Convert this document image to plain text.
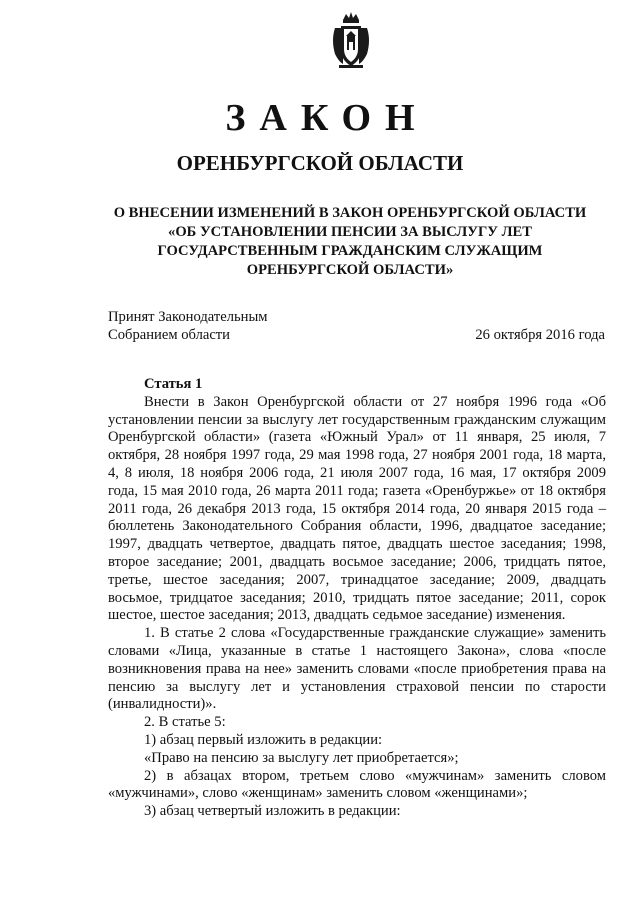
ЗАКОН
ОРЕНБУРГСКОЙ ОБЛАСТИ
О ВНЕСЕНИИ ИЗМЕНЕНИЙ В ЗАКОН ОРЕНБУРГСКОЙ ОБЛАСТИ
«ОБ УСТАНОВЛЕНИИ ПЕНСИИ ЗА ВЫСЛУГУ ЛЕТ
ГОСУДАРСТВЕННЫМ ГРАЖДАНСКИМ СЛУЖАЩИМ
ОРЕНБУРГСКОЙ ОБЛАСТИ»
Принят Законодательным
Собранием области	26 октября 2016 года
Статья 1

Внести в Закон Оренбургской области от 27 ноября 1996 года «Об установлении пенсии за выслугу лет государственным гражданским служащим Оренбургской области» (газета «Южный Урал» от 11 января, 25 июля, 7 октября, 28 ноября 1997 года, 29 мая 1998 года, 27 ноября 2001 года, 18 марта, 4, 8 июля, 18 ноября 2006 года, 21 июля 2007 года, 16 мая, 17 октября 2009 года, 15 мая 2010 года, 26 марта 2011 года; газета «Оренбуржье» от 18 октября 2011 года, 26 декабря 2013 года, 15 октября 2014 года, 20 января 2015 года – бюллетень Законодательного Собрания области, 1996, двадцатое заседание; 1997, двадцать четвертое, двадцать пятое, двадцать шестое заседания; 1998, второе заседание; 2001, двадцать восьмое заседание; 2006, тридцать пятое, третье, шестое заседания; 2007, тринадцатое заседание; 2009, двадцать восьмое, тридцатое заседания; 2010, тридцать пятое заседание; 2011, сорок шестое, шестое заседания; 2013, двадцать седьмое заседание) изменения.

1. В статье 2 слова «Государственные гражданские служащие» заменить словами «Лица, указанные в статье 1 настоящего Закона», слова «после возникновения права на нее» заменить словами «после приобретения права на пенсию за выслугу лет и установления страховой пенсии по старости (инвалидности)».

2. В статье 5:

1) абзац первый изложить в редакции:

«Право на пенсию за выслугу лет приобретается»;

2) в абзацах втором, третьем слово «мужчинам» заменить словом «мужчинами», слово «женщинам» заменить словом «женщинами»;

3) абзац четвертый изложить в редакции:
